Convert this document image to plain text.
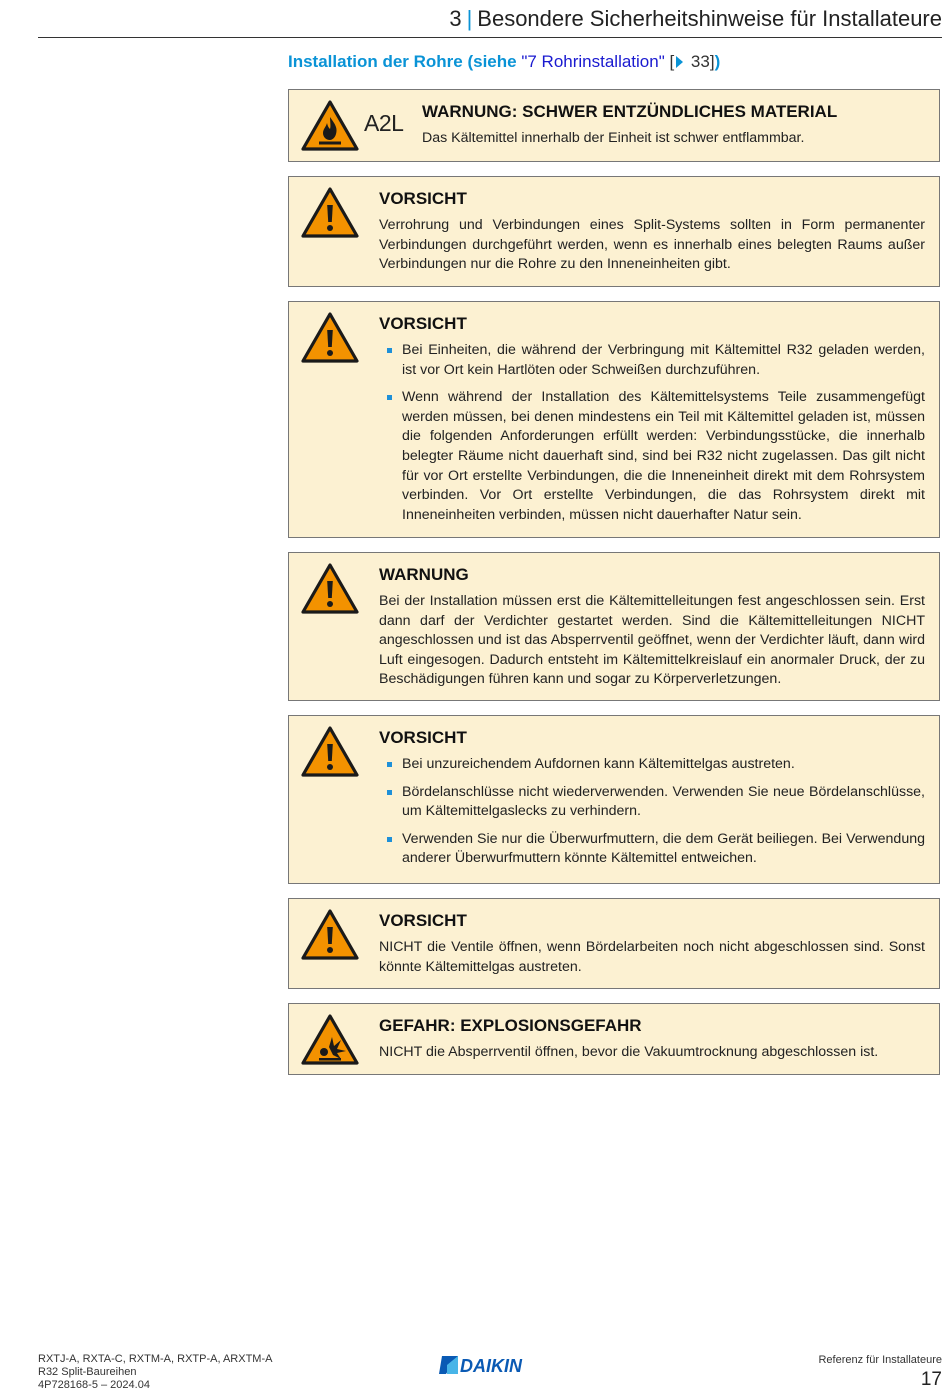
3 | Besondere Sicherheitshinweise für Installateure
Installation der Rohre (siehe "7 Rohrinstallation" [ 33])
A2L WARNUNG: SCHWER ENTZÜNDLICHES MATERIAL
Das Kältemittel innerhalb der Einheit ist schwer entflammbar.
VORSICHT
Verrohrung und Verbindungen eines Split-Systems sollten in Form permanenter Verbindungen durchgeführt werden, wenn es innerhalb eines belegten Raums außer Verbindungen nur die Rohre zu den Inneneinheiten gibt.
VORSICHT
Bei Einheiten, die während der Verbringung mit Kältemittel R32 geladen werden, ist vor Ort kein Hartlöten oder Schweißen durchzuführen.
Wenn während der Installation des Kältemittelsystems Teile zusammengefügt werden müssen, bei denen mindestens ein Teil mit Kältemittel geladen ist, müssen die folgenden Anforderungen erfüllt werden: Verbindungsstücke, die innerhalb belegter Räume nicht dauerhaft sind, sind bei R32 nicht zugelassen. Das gilt nicht für vor Ort erstellte Verbindungen, die die Inneneinheit direkt mit dem Rohrsystem verbinden. Vor Ort erstellte Verbindungen, die das Rohrsystem direkt mit Inneneinheiten verbinden, müssen nicht dauerhafter Natur sein.
WARNUNG
Bei der Installation müssen erst die Kältemittelleitungen fest angeschlossen sein. Erst dann darf der Verdichter gestartet werden. Sind die Kältemittelleitungen NICHT angeschlossen und ist das Absperrventil geöffnet, wenn der Verdichter läuft, dann wird Luft eingesogen. Dadurch entsteht im Kältemittelkreislauf ein anormaler Druck, der zu Beschädigungen führen kann und sogar zu Körperverletzungen.
VORSICHT
Bei unzureichendem Aufdornen kann Kältemittelgas austreten.
Bördelanschlüsse nicht wiederverwenden. Verwenden Sie neue Bördelanschlüsse, um Kältemittelgaslecks zu verhindern.
Verwenden Sie nur die Überwurfmuttern, die dem Gerät beiliegen. Bei Verwendung anderer Überwurfmuttern könnte Kältemittel entweichen.
VORSICHT
NICHT die Ventile öffnen, wenn Bördelarbeiten noch nicht abgeschlossen sind. Sonst könnte Kältemittelgas austreten.
GEFAHR: EXPLOSIONSGEFAHR
NICHT die Absperrventil öffnen, bevor die Vakuumtrocknung abgeschlossen ist.
RXTJ-A, RXTA-C, RXTM-A, RXTP-A, ARXTM-A
R32 Split-Baureihen
4P728168-5 – 2024.04
DAIKIN	Referenz für Installateure
17
